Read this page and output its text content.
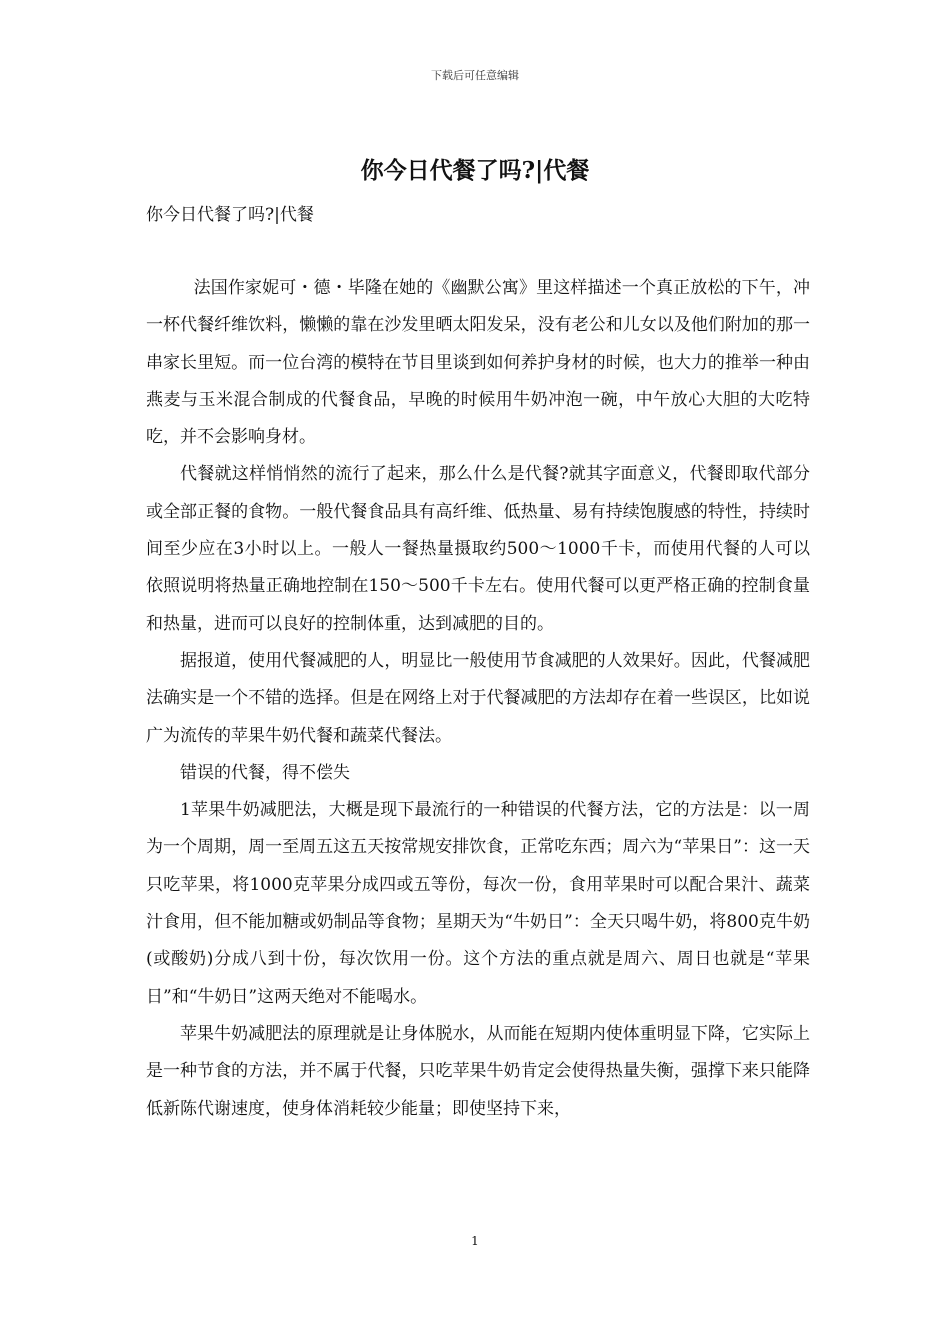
下载后可任意编辑
你今日代餐了吗?|代餐

你今日代餐了吗?|代餐

法国作家妮可・德・毕隆在她的《幽默公寓》里这样描述一个真正放松的下午，冲一杯代餐纤维饮料，懒懒的靠在沙发里晒太阳发呆，没有老公和儿女以及他们附加的那一串家长里短。而一位台湾的模特在节目里谈到如何养护身材的时候，也大力的推举一种由燕麦与玉米混合制成的代餐食品，早晚的时候用牛奶冲泡一碗，中午放心大胆的大吃特吃，并不会影响身材。

代餐就这样悄悄然的流行了起来，那么什么是代餐?就其字面意义，代餐即取代部分或全部正餐的食物。一般代餐食品具有高纤维、低热量、易有持续饱腹感的特性，持续时间至少应在3小时以上。一般人一餐热量摄取约500～1000千卡，而使用代餐的人可以依照说明将热量正确地控制在150～500千卡左右。使用代餐可以更严格正确的控制食量和热量，进而可以良好的控制体重，达到减肥的目的。

据报道，使用代餐减肥的人，明显比一般使用节食减肥的人效果好。因此，代餐减肥法确实是一个不错的选择。但是在网络上对于代餐减肥的方法却存在着一些误区，比如说广为流传的苹果牛奶代餐和蔬菜代餐法。

错误的代餐，得不偿失

1苹果牛奶减肥法，大概是现下最流行的一种错误的代餐方法，它的方法是：以一周为一个周期，周一至周五这五天按常规安排饮食，正常吃东西；周六为“苹果日”：这一天只吃苹果，将1000克苹果分成四或五等份，每次一份，食用苹果时可以配合果汁、蔬菜汁食用，但不能加糖或奶制品等食物；星期天为“牛奶日”：全天只喝牛奶，将800克牛奶(或酸奶)分成八到十份，每次饮用一份。这个方法的重点就是周六、周日也就是“苹果日”和“牛奶日”这两天绝对不能喝水。

苹果牛奶减肥法的原理就是让身体脱水，从而能在短期内使体重明显下降，它实际上是一种节食的方法，并不属于代餐，只吃苹果牛奶肯定会使得热量失衡，强撑下来只能降低新陈代谢速度，使身体消耗较少能量；即使坚持下来，

1
